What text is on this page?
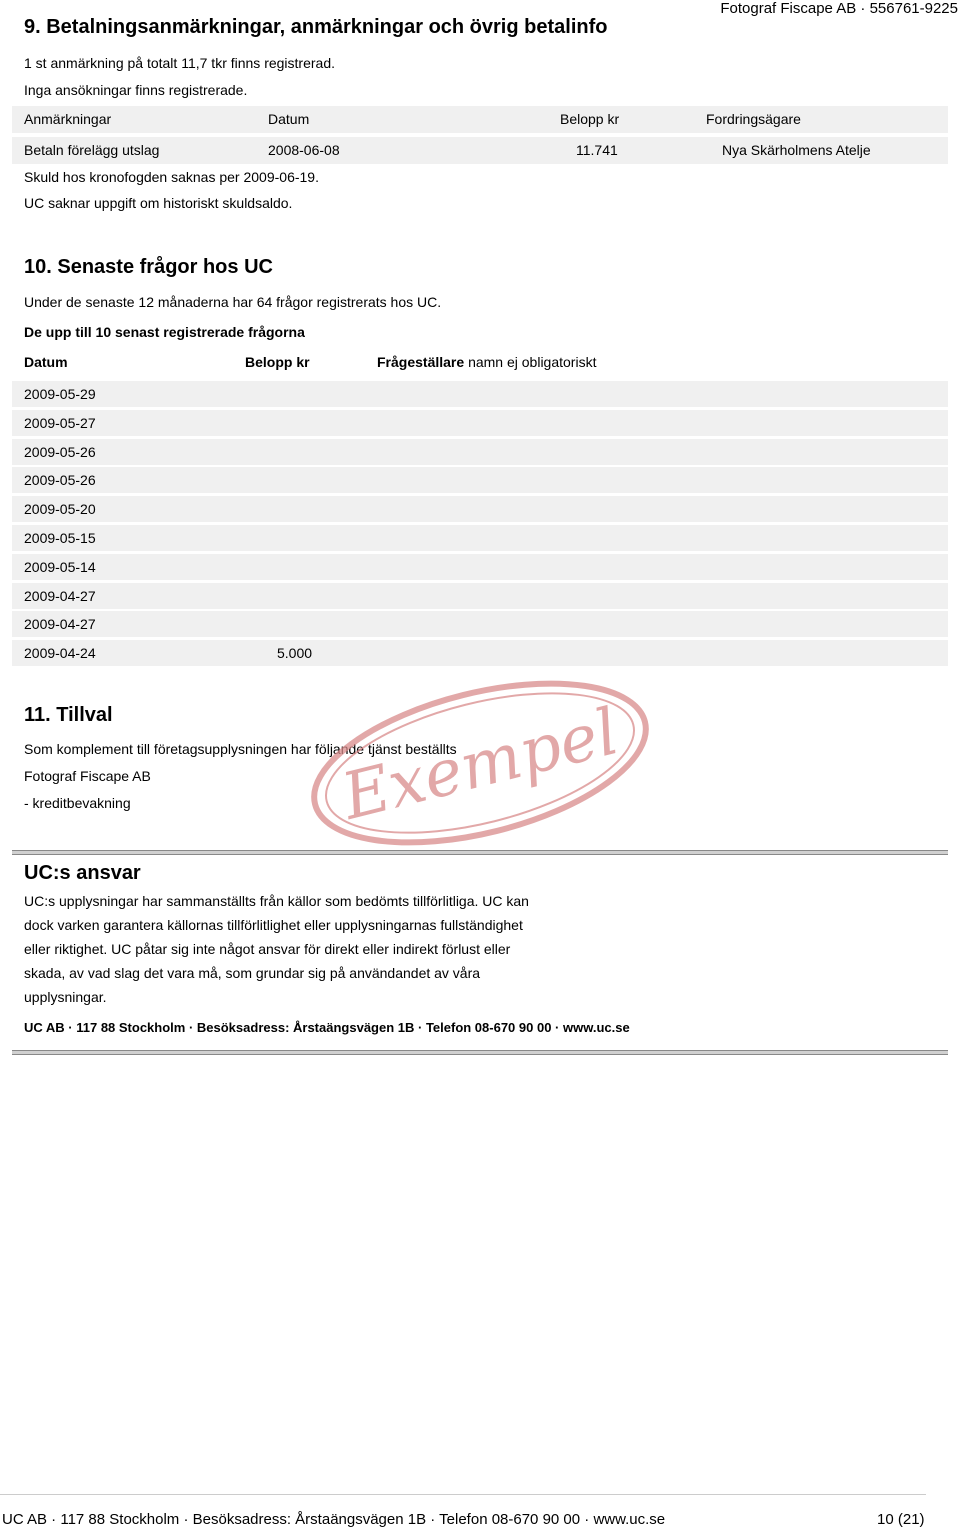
9. Betalningsanmärkningar, anmärkningar och övrig betalinfo
Fotograf Fiscape AB · 556761-9225
1 st anmärkning på totalt 11,7 tkr finns registrerad.
Inga ansökningar finns registrerade.
Anmärkningar	Datum	Belopp kr	Fordringsägare
Betaln förelägg utslag	2008-06-08	11.741	Nya Skärholmens Atelje
Skuld hos kronofogden saknas per 2009-06-19.
UC saknar uppgift om historiskt skuldsaldo.
10. Senaste frågor hos UC
Under de senaste 12 månaderna har 64 frågor registrerats hos UC.
De upp till 10 senast registrerade frågorna
Datum	Belopp kr	Frågeställare namn ej obligatoriskt
2009-05-29
2009-05-27
2009-05-26
2009-05-26
2009-05-20
2009-05-15
2009-05-14
2009-04-27
2009-04-27
2009-04-24	5.000
11. Tillval
Som komplement till företagsupplysningen har följande tjänst beställts
Fotograf Fiscape AB
- kreditbevakning	Exempel
UC:s ansvar
UC:s upplysningar har sammanställts från källor som bedömts tillförlitliga. UC kan
dock varken garantera källornas tillförlitlighet eller upplysningarnas fullständighet
eller riktighet. UC påtar sig inte något ansvar för direkt eller indirekt förlust eller
skada, av vad slag det vara må, som grundar sig på användandet av våra
upplysningar.
UC AB · 117 88 Stockholm · Besöksadress: Årstaängsvägen 1B · Telefon 08-670 90 00 · www.uc.se
UC AB · 117 88 Stockholm · Besöksadress: Årstaängsvägen 1B · Telefon 08-670 90 00 · www.uc.se	10 (21)
